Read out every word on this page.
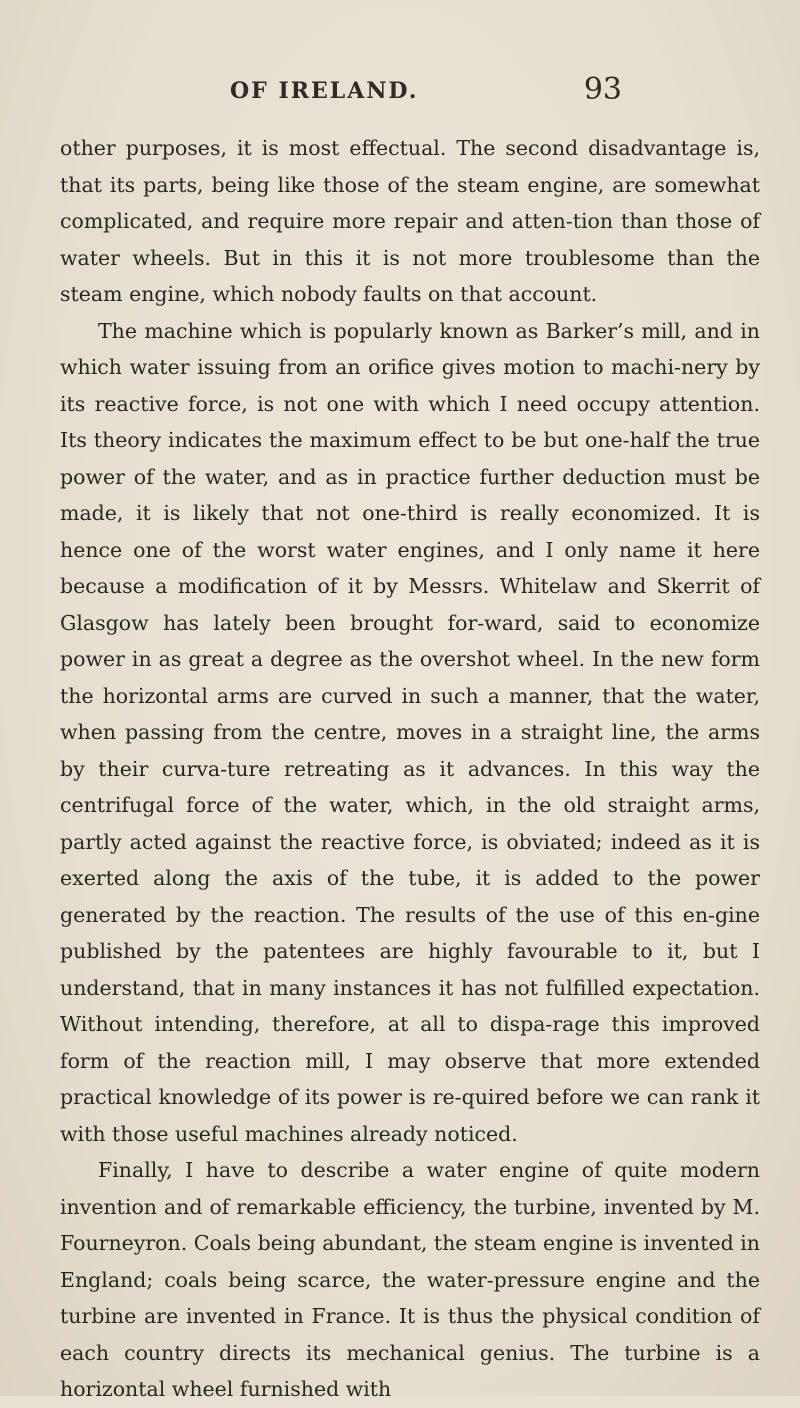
OF IRELAND.	93

other purposes, it is most effectual. The second disadvantage is, that its parts, being like those of the steam engine, are somewhat complicated, and require more repair and atten-tion than those of water wheels. But in this it is not more troublesome than the steam engine, which nobody faults on that account.

The machine which is popularly known as Barker’s mill, and in which water issuing from an orifice gives motion to machi-nery by its reactive force, is not one with which I need occupy attention. Its theory indicates the maximum effect to be but one-half the true power of the water, and as in practice further deduction must be made, it is likely that not one-third is really economized. It is hence one of the worst water engines, and I only name it here because a modification of it by Messrs. Whitelaw and Skerrit of Glasgow has lately been brought for-ward, said to economize power in as great a degree as the overshot wheel. In the new form the horizontal arms are curved in such a manner, that the water, when passing from the centre, moves in a straight line, the arms by their curva-ture retreating as it advances. In this way the centrifugal force of the water, which, in the old straight arms, partly acted against the reactive force, is obviated; indeed as it is exerted along the axis of the tube, it is added to the power generated by the reaction. The results of the use of this en-gine published by the patentees are highly favourable to it, but I understand, that in many instances it has not fulfilled expectation. Without intending, therefore, at all to dispa-rage this improved form of the reaction mill, I may observe that more extended practical knowledge of its power is re-quired before we can rank it with those useful machines already noticed.

Finally, I have to describe a water engine of quite modern invention and of remarkable efficiency, the turbine, invented by M. Fourneyron. Coals being abundant, the steam engine is invented in England; coals being scarce, the water-pressure engine and the turbine are invented in France. It is thus the physical condition of each country directs its mechanical genius. The turbine is a horizontal wheel furnished with
